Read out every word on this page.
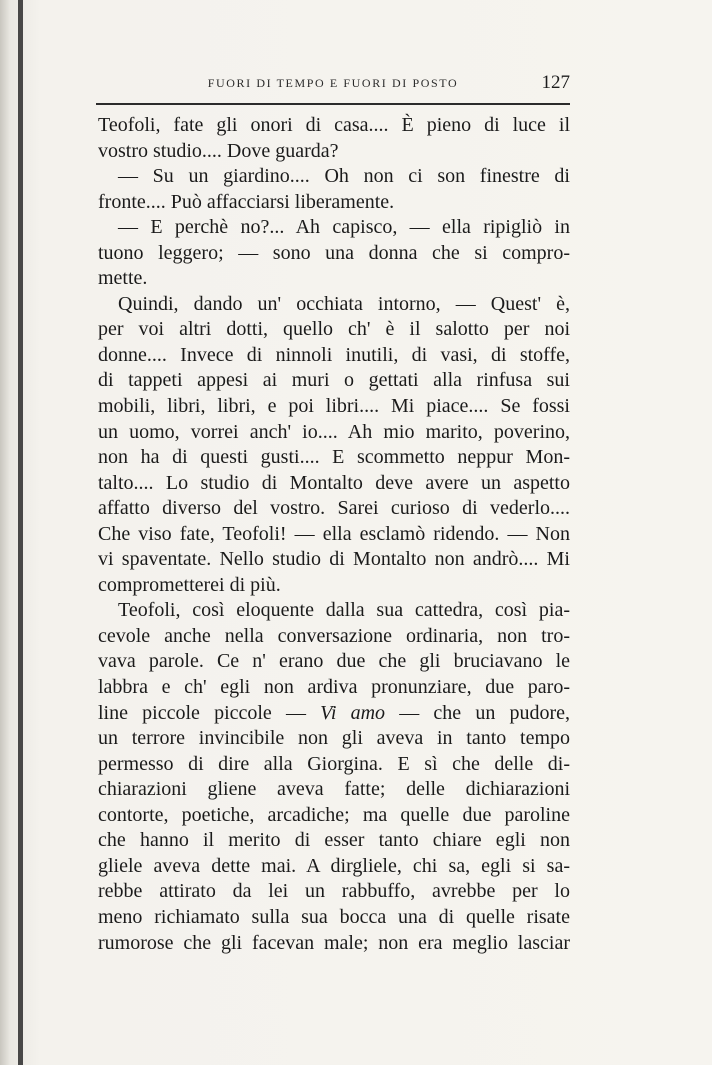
FUORI DI TEMPO E FUORI DI POSTO	127
Teofoli, fate gli onori di casa.... È pieno di luce il
vostro studio.... Dove guarda?
— Su un giardino.... Oh non ci son finestre di
fronte.... Può affacciarsi liberamente.
— E perchè no?... Ah capisco, — ella ripigliò in
tuono leggero; — sono una donna che si compro-
mette.
Quindi, dando un' occhiata intorno, — Quest' è,
per voi altri dotti, quello ch' è il salotto per noi
donne.... Invece di ninnoli inutili, di vasi, di stoffe,
di tappeti appesi ai muri o gettati alla rinfusa sui
mobili, libri, libri, e poi libri.... Mi piace.... Se fossi
un uomo, vorrei anch' io.... Ah mio marito, poverino,
non ha di questi gusti.... E scommetto neppur Mon-
talto.... Lo studio di Montalto deve avere un aspetto
affatto diverso del vostro. Sarei curioso di vederlo....
Che viso fate, Teofoli! — ella esclamò ridendo. — Non
vi spaventate. Nello studio di Montalto non andrò.... Mi
comprometterei di più.
Teofoli, così eloquente dalla sua cattedra, così pia-
cevole anche nella conversazione ordinaria, non tro-
vava parole. Ce n' erano due che gli bruciavano le
labbra e ch' egli non ardiva pronunziare, due paro-
line piccole piccole — Vi amo — che un pudore,
un terrore invincibile non gli aveva in tanto tempo
permesso di dire alla Giorgina. E sì che delle di-
chiarazioni gliene aveva fatte; delle dichiarazioni
contorte, poetiche, arcadiche; ma quelle due paroline
che hanno il merito di esser tanto chiare egli non
gliele aveva dette mai. A dirgliele, chi sa, egli si sa-
rebbe attirato da lei un rabbuffo, avrebbe per lo
meno richiamato sulla sua bocca una di quelle risate
rumorose che gli facevan male; non era meglio lasciar
